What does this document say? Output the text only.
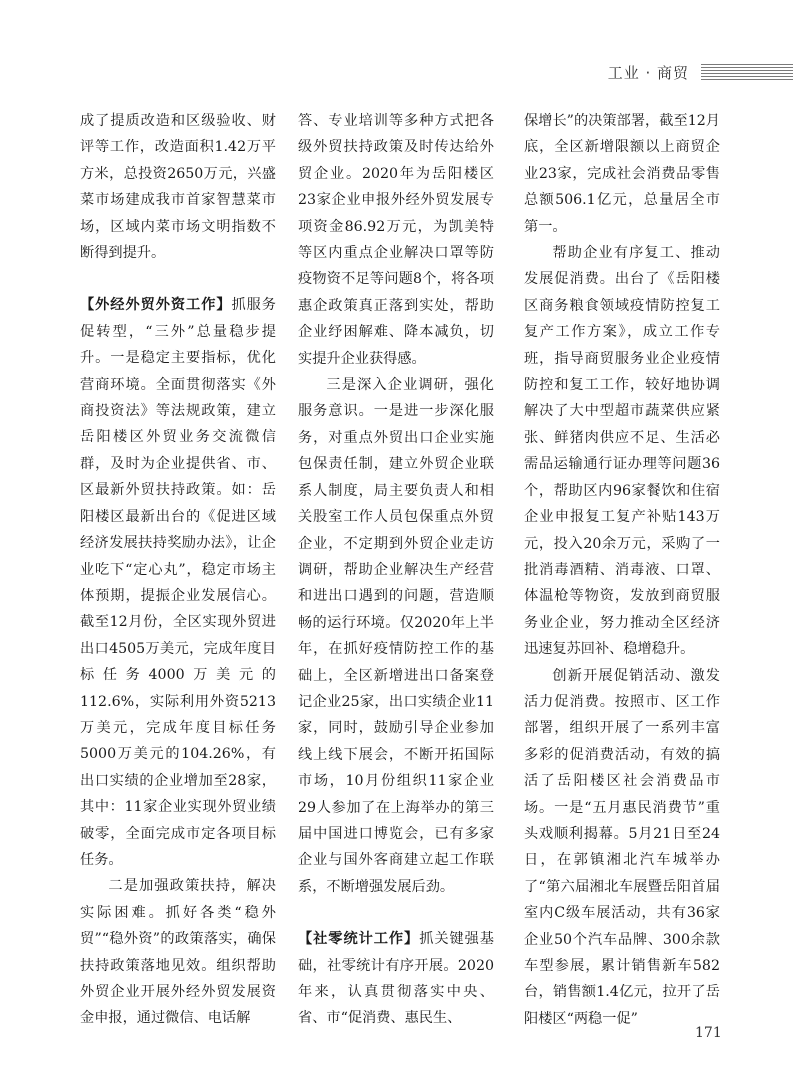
工业 · 商贸

成了提质改造和区级验收、财评等工作，改造面积1.42万平方米，总投资2650万元，兴盛菜市场建成我市首家智慧菜市场，区域内菜市场文明指数不断得到提升。

【外经外贸外资工作】抓服务促转型，“三外”总量稳步提升。一是稳定主要指标，优化营商环境。全面贯彻落实《外商投资法》等法规政策，建立岳阳楼区外贸业务交流微信群，及时为企业提供省、市、区最新外贸扶持政策。如：岳阳楼区最新出台的《促进区域经济发展扶持奖励办法》，让企业吃下“定心丸”，稳定市场主体预期，提振企业发展信心。截至12月份，全区实现外贸进出口4505万美元，完成年度目标任务4000万美元的112.6%，实际利用外资5213万美元，完成年度目标任务5000万美元的104.26%，有出口实绩的企业增加至28家，其中：11家企业实现外贸业绩破零，全面完成市定各项目标任务。

二是加强政策扶持，解决实际困难。抓好各类“稳外贸”“稳外资”的政策落实，确保扶持政策落地见效。组织帮助外贸企业开展外经外贸发展资金申报，通过微信、电话解

答、专业培训等多种方式把各级外贸扶持政策及时传达给外贸企业。2020年为岳阳楼区23家企业申报外经外贸发展专项资金86.92万元，为凯美特等区内重点企业解决口罩等防疫物资不足等问题8个，将各项惠企政策真正落到实处，帮助企业纾困解难、降本减负，切实提升企业获得感。

三是深入企业调研，强化服务意识。一是进一步深化服务，对重点外贸出口企业实施包保责任制，建立外贸企业联系人制度，局主要负责人和相关股室工作人员包保重点外贸企业，不定期到外贸企业走访调研，帮助企业解决生产经营和进出口遇到的问题，营造顺畅的运行环境。仅2020年上半年，在抓好疫情防控工作的基础上，全区新增进出口备案登记企业25家，出口实绩企业11家，同时，鼓励引导企业参加线上线下展会，不断开拓国际市场，10月份组织11家企业29人参加了在上海举办的第三届中国进口博览会，已有多家企业与国外客商建立起工作联系，不断增强发展后劲。

【社零统计工作】抓关键强基础，社零统计有序开展。2020年来，认真贯彻落实中央、省、市“促消费、惠民生、

保增长”的决策部署，截至12月底，全区新增限额以上商贸企业23家，完成社会消费品零售总额506.1亿元，总量居全市第一。

帮助企业有序复工、推动发展促消费。出台了《岳阳楼区商务粮食领域疫情防控复工复产工作方案》，成立工作专班，指导商贸服务业企业疫情防控和复工工作，较好地协调解决了大中型超市蔬菜供应紧张、鲜猪肉供应不足、生活必需品运输通行证办理等问题36个，帮助区内96家餐饮和住宿企业申报复工复产补贴143万元，投入20余万元，采购了一批消毒酒精、消毒液、口罩、体温枪等物资，发放到商贸服务业企业，努力推动全区经济迅速复苏回补、稳增稳升。

创新开展促销活动、激发活力促消费。按照市、区工作部署，组织开展了一系列丰富多彩的促消费活动，有效的搞活了岳阳楼区社会消费品市场。一是“五月惠民消费节”重头戏顺利揭幕。5月21日至24日，在郭镇湘北汽车城举办了“第六届湘北车展暨岳阳首届室内C级车展活动，共有36家企业50个汽车品牌、300余款车型参展，累计销售新车582台，销售额1.4亿元，拉开了岳阳楼区“两稳一促”

171
